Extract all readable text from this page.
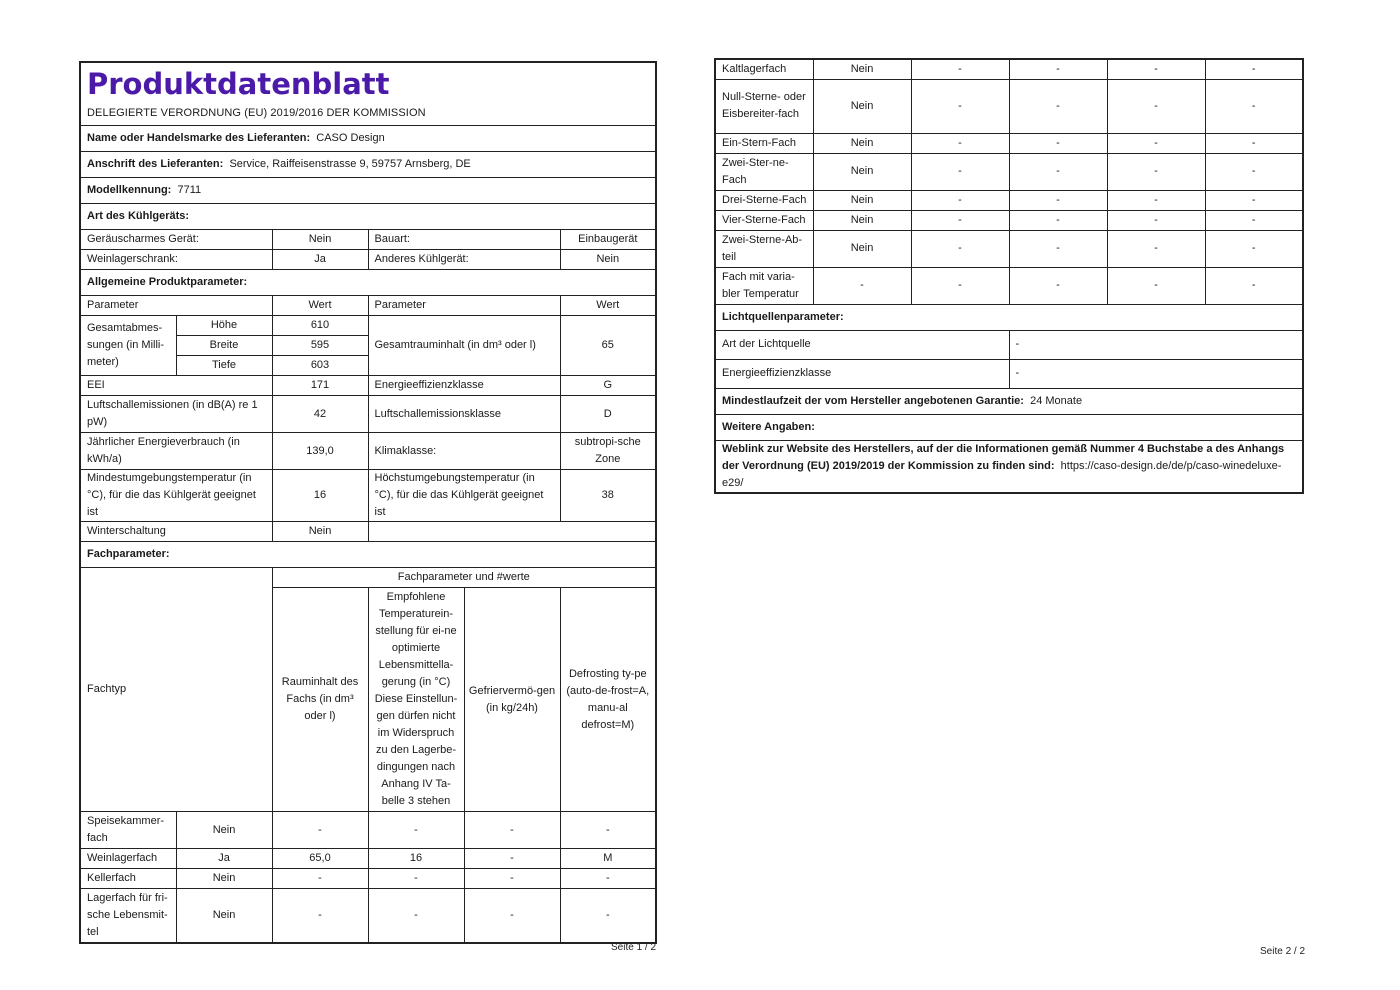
Produktdatenblatt
DELEGIERTE VERORDNUNG (EU) 2019/2016 DER KOMMISSION					

Name oder Handelsmarke des Lieferanten: CASO Design					
Anschrift des Lieferanten: Service, Raiffeisenstrasse 9, 59757 Arnsberg, DE					
Modellkennung: 7711					
Art des Kühlgeräts:					
Geräuscharmes Gerät:		Nein	Bauart:		Einbaugerät
Weinlagerschrank:		Ja	Anderes Kühlgerät:		Nein
Allgemeine Produktparameter:					
Parameter		Wert	Parameter		Wert
Gesamtabmes-sungen (in Milli-meter)	Höhe	610	Gesamtrauminhalt (in dm³ oder l)		65
	Breite	595			
	Tiefe	603			
EEI		171	Energieeffizienzklasse		G
Luftschallemissionen (in dB(A) re 1 pW)		42	Luftschallemissionsklasse		D
Jährlicher Energieverbrauch (in kWh/a)		139,0	Klimaklasse:		subtropi-sche Zone
Mindestumgebungstemperatur (in °C), für die das Kühlgerät geeignet ist		16	Höchstumgebungstemperatur (in °C), für die das Kühlgerät geeignet ist		38
Winterschaltung		Nein			
Fachparameter:					
Fachtyp		Fachparameter und #werte			
		Rauminhalt des Fachs (in dm³ oder l)	Empfohlene Temperaturein-stellung für ei-ne optimierte Lebensmittella-gerung (in °C) Diese Einstellun-gen dürfen nicht im Widerspruch zu den Lagerbe-dingungen nach Anhang IV Ta-belle 3 stehen	Gefriervermö-gen (in kg/24h)	Defrosting ty-pe (auto-de-frost=A, manu-al defrost=M)
Speisekammer-fach	Nein	-	-	-	-
Weinlagerfach	Ja	65,0	16	-	M
Kellerfach	Nein	-	-	-	-
Lagerfach für fri-sche Lebensmit-tel	Nein	-	-	-	-
Seite 1 / 2
Kaltlagerfach	Nein	-	-	-	-
Null-Sterne- oder Eisbereiter-fach	Nein	-	-	-	-
Ein-Stern-Fach	Nein	-	-	-	-
Zwei-Ster-ne-Fach	Nein	-	-	-	-
Drei-Sterne-Fach	Nein	-	-	-	-
Vier-Sterne-Fach	Nein	-	-	-	-
Zwei-Sterne-Ab-teil	Nein	-	-	-	-
Fach mit varia-bler Temperatur	-	-	-	-	-
Lichtquellenparameter:					
Art der Lichtquelle			-		
Energieeffizienzklasse			-		
Mindestlaufzeit der vom Hersteller angebotenen Garantie: 24 Monate					
Weitere Angaben:					
Weblink zur Website des Herstellers, auf der die Informationen gemäß Nummer 4 Buchstabe a des Anhangs der Verordnung (EU) 2019/2019 der Kommission zu finden sind: https://caso-design.de/de/p/caso-winedeluxe-e29/					
Seite 2 / 2
